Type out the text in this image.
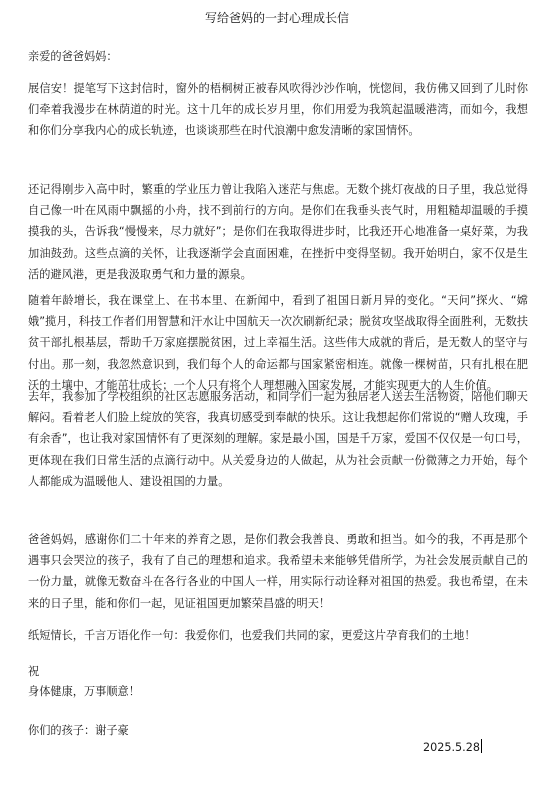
写给爸妈的一封心理成长信
亲爱的爸爸妈妈：
展信安！提笔写下这封信时，窗外的梧桐树正被春风吹得沙沙作响，恍惚间，我仿佛又回到了儿时你们牵着我漫步在林荫道的时光。这十几年的成长岁月里，你们用爱为我筑起温暖港湾，而如今，我想和你们分享我内心的成长轨迹，也谈谈那些在时代浪潮中愈发清晰的家国情怀。
还记得刚步入高中时，繁重的学业压力曾让我陷入迷茫与焦虑。无数个挑灯夜战的日子里，我总觉得自己像一叶在风雨中飘摇的小舟，找不到前行的方向。是你们在我垂头丧气时，用粗糙却温暖的手摸摸我的头，告诉我“慢慢来，尽力就好”；是你们在我取得进步时，比我还开心地准备一桌好菜，为我加油鼓劲。这些点滴的关怀，让我逐渐学会直面困难，在挫折中变得坚韧。我开始明白，家不仅是生活的避风港，更是我汲取勇气和力量的源泉。
随着年龄增长，我在课堂上、在书本里、在新闻中，看到了祖国日新月异的变化。“天问”探火、“嫦娥”揽月，科技工作者们用智慧和汗水让中国航天一次次刷新纪录；脱贫攻坚战取得全面胜利，无数扶贫干部扎根基层，帮助千万家庭摆脱贫困，过上幸福生活。这些伟大成就的背后，是无数人的坚守与付出。那一刻，我忽然意识到，我们每个人的命运都与国家紧密相连。就像一棵树苗，只有扎根在肥沃的土壤中，才能茁壮成长；一个人只有将个人理想融入国家发展，才能实现更大的人生价值。
去年，我参加了学校组织的社区志愿服务活动，和同学们一起为独居老人送去生活物资，陪他们聊天解闷。看着老人们脸上绽放的笑容，我真切感受到奉献的快乐。这让我想起你们常说的“赠人玫瑰，手有余香”，也让我对家国情怀有了更深刻的理解。家是最小国，国是千万家，爱国不仅仅是一句口号，更体现在我们日常生活的点滴行动中。从关爱身边的人做起，从为社会贡献一份微薄之力开始，每个人都能成为温暖他人、建设祖国的力量。
爸爸妈妈，感谢你们二十年来的养育之恩，是你们教会我善良、勇敢和担当。如今的我，不再是那个遇事只会哭泣的孩子，我有了自己的理想和追求。我希望未来能够凭借所学，为社会发展贡献自己的一份力量，就像无数奋斗在各行各业的中国人一样，用实际行动诠释对祖国的热爱。我也希望，在未来的日子里，能和你们一起，见证祖国更加繁荣昌盛的明天！
纸短情长，千言万语化作一句：我爱你们，也爱我们共同的家，更爱这片孕育我们的土地！
祝
身体健康，万事顺意！
你们的孩子：谢子豪
2025.5.28
